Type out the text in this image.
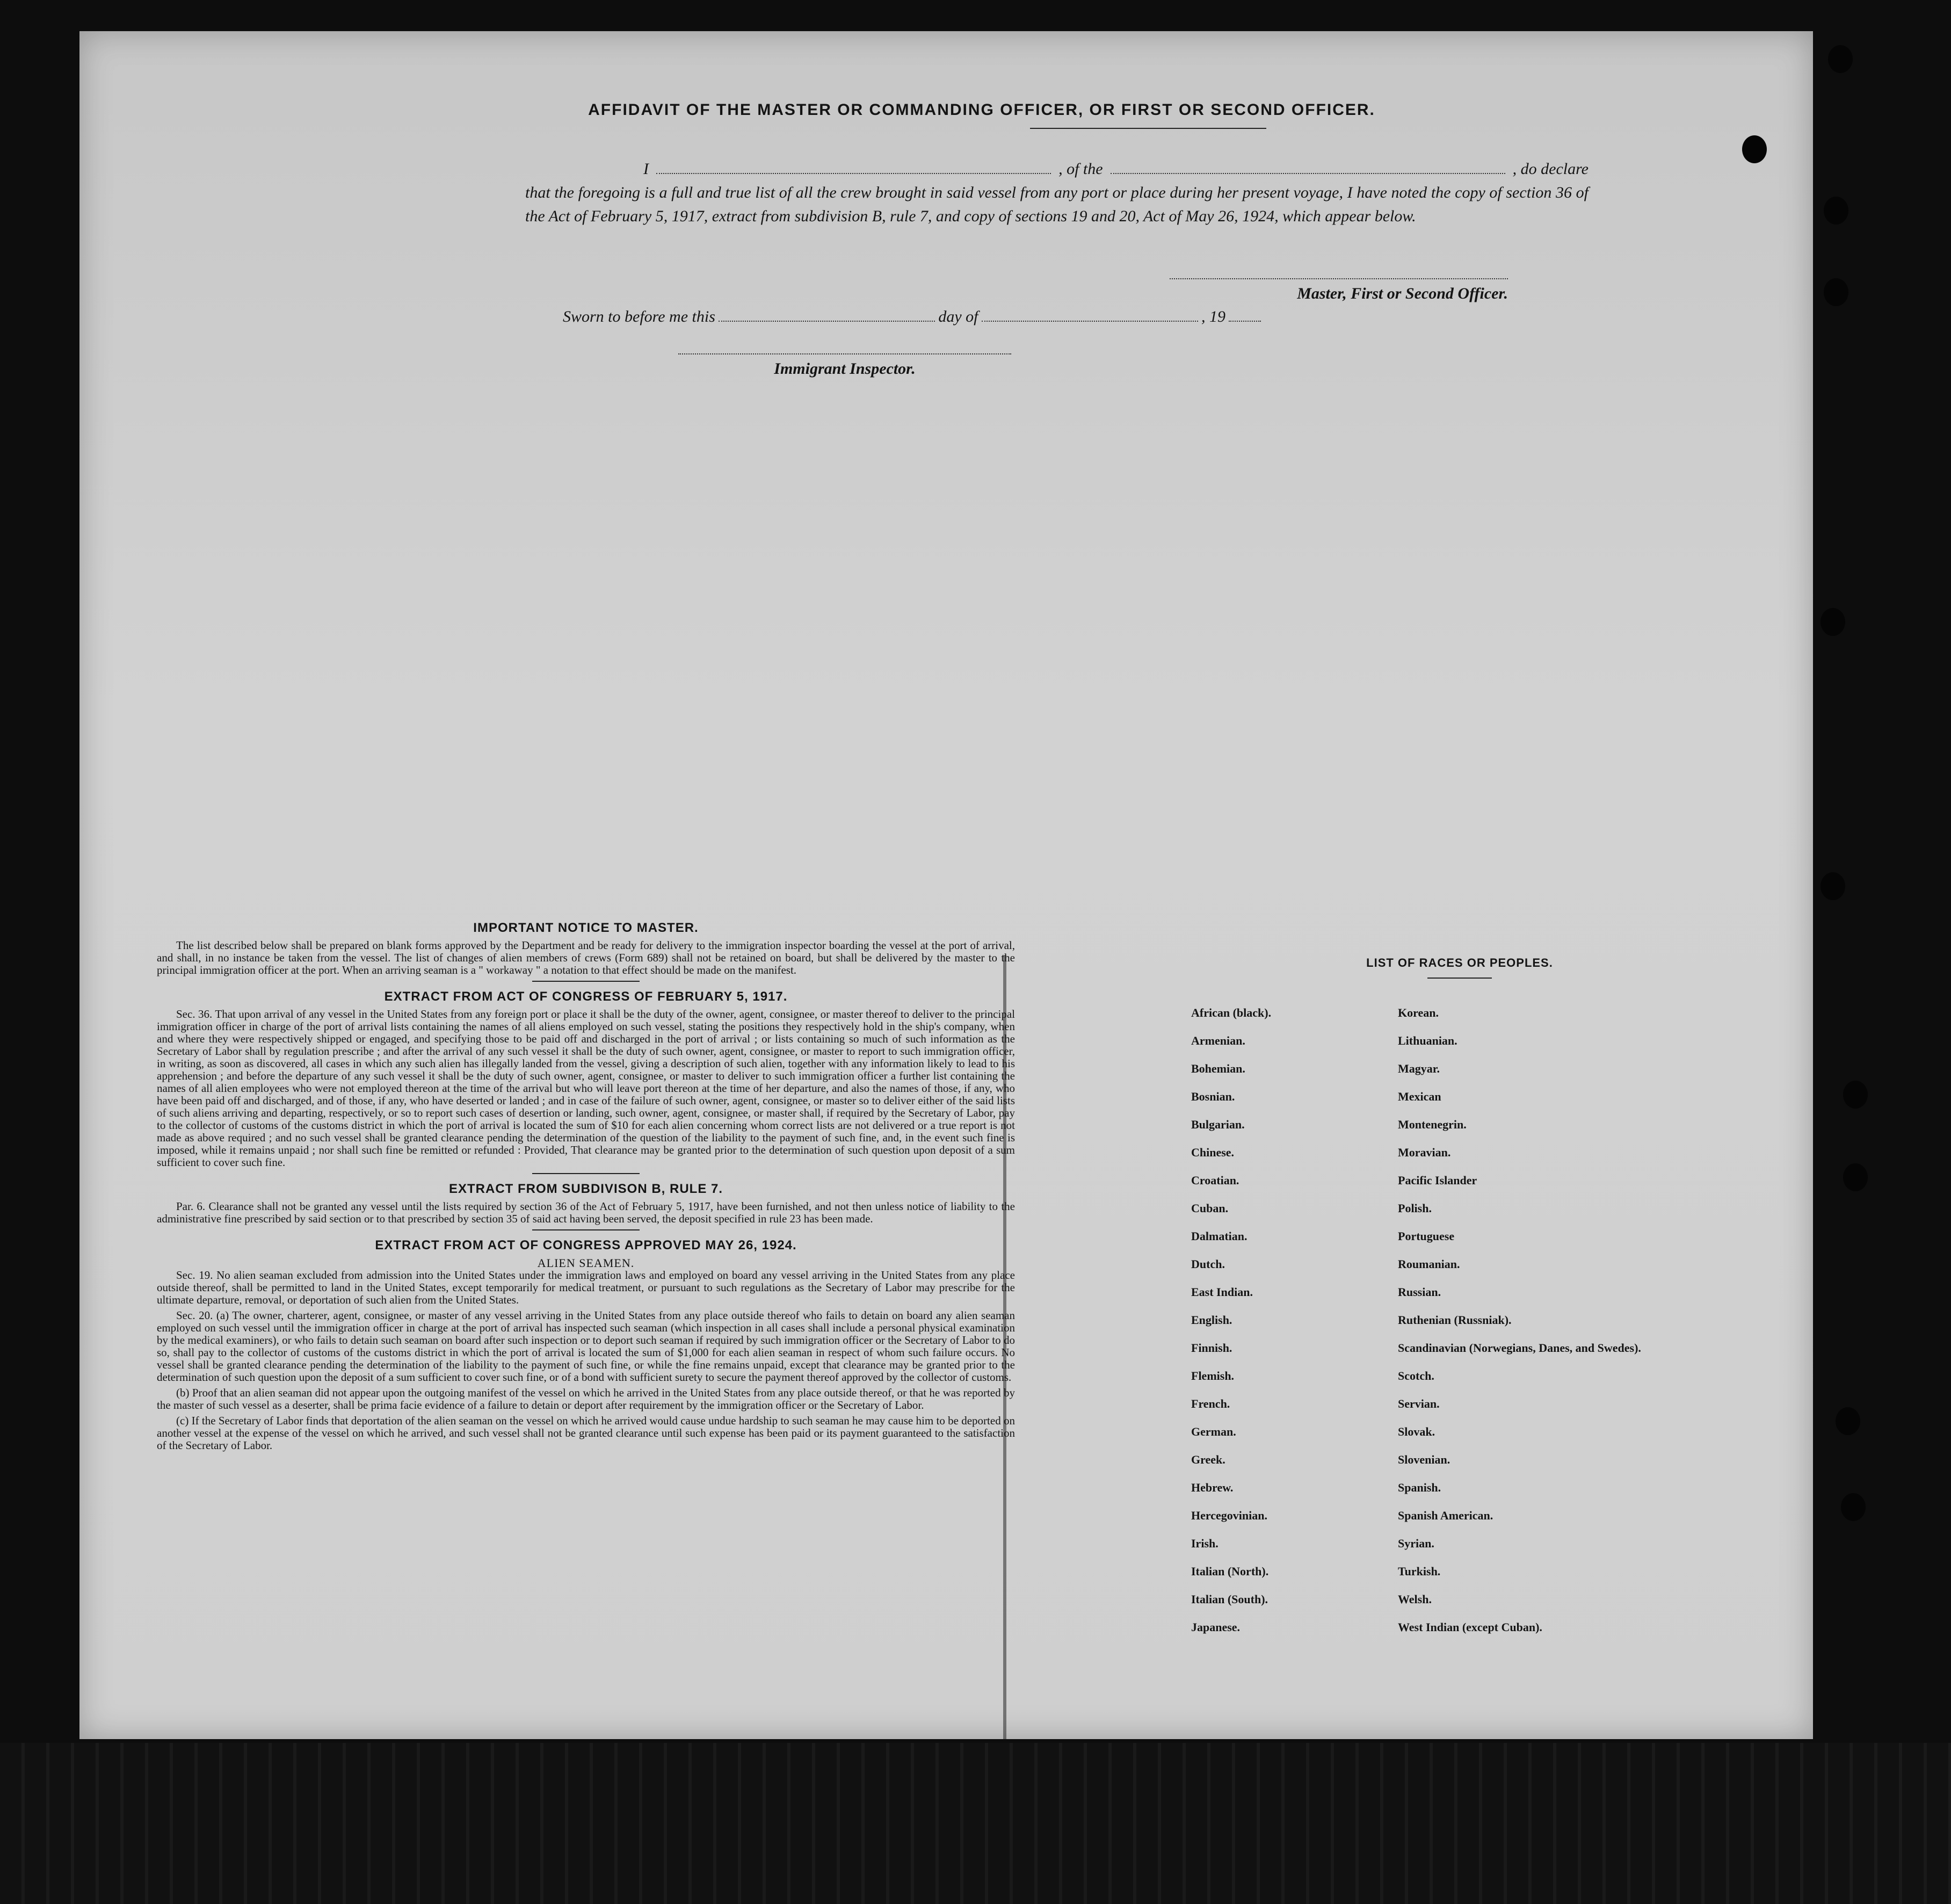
AFFIDAVIT OF THE MASTER OR COMMANDING OFFICER, OR FIRST OR SECOND OFFICER.
I	, of the	, do declare
that the foregoing is a full and true list of all the crew brought in said vessel from any port or place during her present voyage, I have noted the copy of section 36 of the Act of February 5, 1917, extract from subdivision B, rule 7, and copy of sections 19 and 20, Act of May 26, 1924, which appear below.
Master, First or Second Officer.
Sworn to before me this	day of	, 19
Immigrant Inspector.
IMPORTANT NOTICE TO MASTER.

The list described below shall be prepared on blank forms approved by the Department and be ready for delivery to the immigration inspector boarding the vessel at the port of arrival, and shall, in no instance be taken from the vessel. The list of changes of alien members of crews (Form 689) shall not be retained on board, but shall be delivered by the master to the principal immigration officer at the port. When an arriving seaman is a " workaway " a notation to that effect should be made on the manifest.

EXTRACT FROM ACT OF CONGRESS OF FEBRUARY 5, 1917.

Sec. 36. That upon arrival of any vessel in the United States from any foreign port or place it shall be the duty of the owner, agent, consignee, or master thereof to deliver to the principal immigration officer in charge of the port of arrival lists containing the names of all aliens employed on such vessel, stating the positions they respectively hold in the ship's company, when and where they were respectively shipped or engaged, and specifying those to be paid off and discharged in the port of arrival ; or lists containing so much of such information as the Secretary of Labor shall by regulation prescribe ; and after the arrival of any such vessel it shall be the duty of such owner, agent, consignee, or master to report to such immigration officer, in writing, as soon as discovered, all cases in which any such alien has illegally landed from the vessel, giving a description of such alien, together with any information likely to lead to his apprehension ; and before the departure of any such vessel it shall be the duty of such owner, agent, consignee, or master to deliver to such immigration officer a further list containing the names of all alien employees who were not employed thereon at the time of the arrival but who will leave port thereon at the time of her departure, and also the names of those, if any, who have been paid off and discharged, and of those, if any, who have deserted or landed ; and in case of the failure of such owner, agent, consignee, or master so to deliver either of the said lists of such aliens arriving and departing, respectively, or so to report such cases of desertion or landing, such owner, agent, consignee, or master shall, if required by the Secretary of Labor, pay to the collector of customs of the customs district in which the port of arrival is located the sum of $10 for each alien concerning whom correct lists are not delivered or a true report is not made as above required ; and no such vessel shall be granted clearance pending the determination of the question of the liability to the payment of such fine, and, in the event such fine is imposed, while it remains unpaid ; nor shall such fine be remitted or refunded : Provided, That clearance may be granted prior to the determination of such question upon deposit of a sum sufficient to cover such fine.

EXTRACT FROM SUBDIVISON B, RULE 7.

Par. 6. Clearance shall not be granted any vessel until the lists required by section 36 of the Act of February 5, 1917, have been furnished, and not then unless notice of liability to the administrative fine prescribed by said section or to that prescribed by section 35 of said act having been served, the deposit specified in rule 23 has been made.

EXTRACT FROM ACT OF CONGRESS APPROVED MAY 26, 1924.
ALIEN SEAMEN.

Sec. 19. No alien seaman excluded from admission into the United States under the immigration laws and employed on board any vessel arriving in the United States from any place outside thereof, shall be permitted to land in the United States, except temporarily for medical treatment, or pursuant to such regulations as the Secretary of Labor may prescribe for the ultimate departure, removal, or deportation of such alien from the United States.

Sec. 20. (a) The owner, charterer, agent, consignee, or master of any vessel arriving in the United States from any place outside thereof who fails to detain on board any alien seaman employed on such vessel until the immigration officer in charge at the port of arrival has inspected such seaman (which inspection in all cases shall include a personal physical examination by the medical examiners), or who fails to detain such seaman on board after such inspection or to deport such seaman if required by such immigration officer or the Secretary of Labor to do so, shall pay to the collector of customs of the customs district in which the port of arrival is located the sum of $1,000 for each alien seaman in respect of whom such failure occurs. No vessel shall be granted clearance pending the determination of the liability to the payment of such fine, or while the fine remains unpaid, except that clearance may be granted prior to the determination of such question upon the deposit of a sum sufficient to cover such fine, or of a bond with sufficient surety to secure the payment thereof approved by the collector of customs.

(b) Proof that an alien seaman did not appear upon the outgoing manifest of the vessel on which he arrived in the United States from any place outside thereof, or that he was reported by the master of such vessel as a deserter, shall be prima facie evidence of a failure to detain or deport after requirement by the immigration officer or the Secretary of Labor.

(c) If the Secretary of Labor finds that deportation of the alien seaman on the vessel on which he arrived would cause undue hardship to such seaman he may cause him to be deported on another vessel at the expense of the vessel on which he arrived, and such vessel shall not be granted clearance until such expense has been paid or its payment guaranteed to the satisfaction of the Secretary of Labor.

LIST OF RACES OR PEOPLES.
African (black).	Korean.
Armenian.	Lithuanian.
Bohemian.	Magyar.
Bosnian.	Mexican
Bulgarian.	Montenegrin.
Chinese.	Moravian.
Croatian.	Pacific Islander
Cuban.	Polish.
Dalmatian.	Portuguese
Dutch.	Roumanian.
East Indian.	Russian.
English.	Ruthenian (Russniak).
Finnish.	Scandinavian (Norwegians, Danes, and Swedes).
Flemish.	Scotch.
French.	Servian.
German.	Slovak.
Greek.	Slovenian.
Hebrew.	Spanish.
Hercegovinian.	Spanish American.
Irish.	Syrian.
Italian (North).	Turkish.
Italian (South).	Welsh.
Japanese.	West Indian (except Cuban).
